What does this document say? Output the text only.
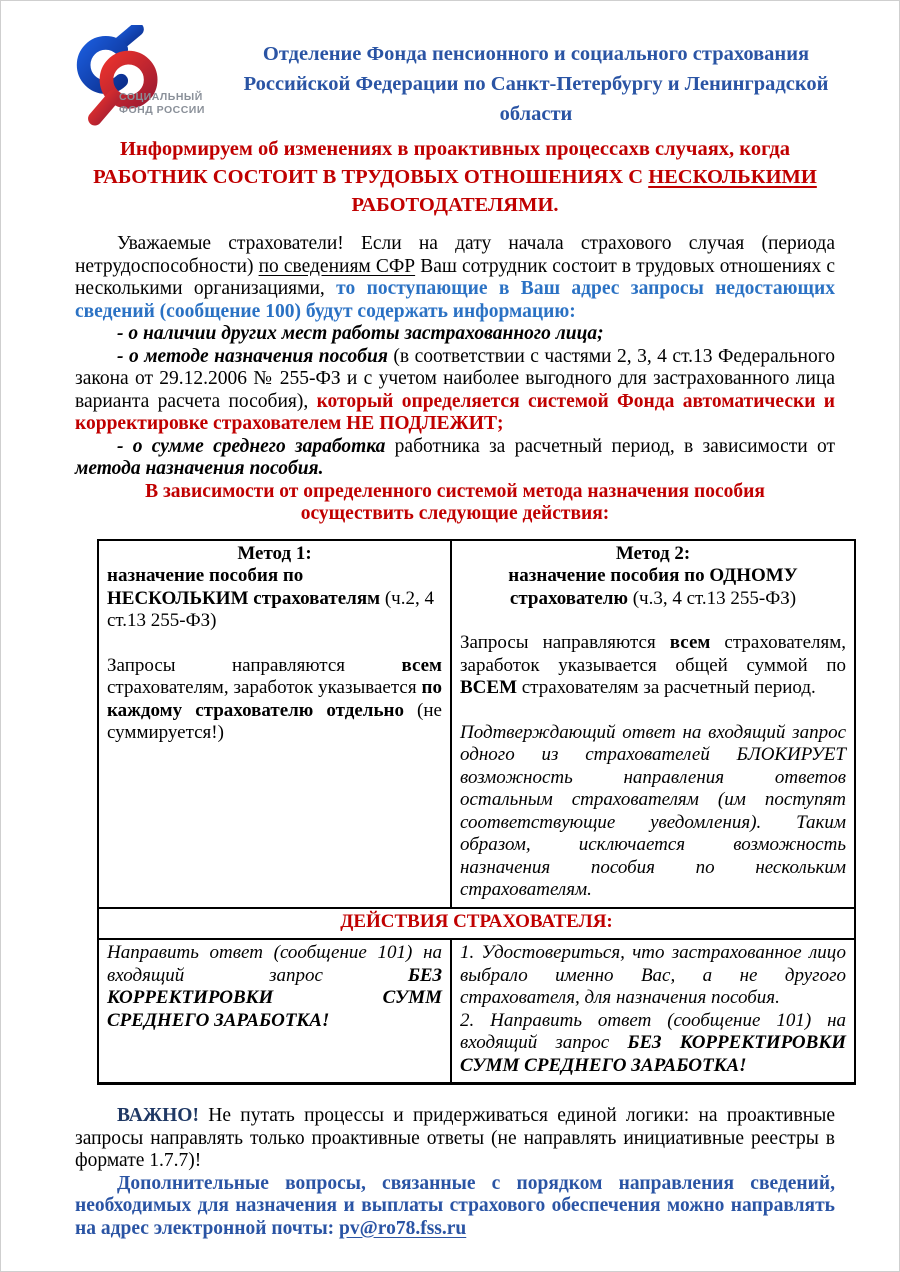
СОЦИАЛЬНЫЙ
ФОНД РОССИИ
Отделение Фонда пенсионного и социального страхования
Российской Федерации по Санкт-Петербургу и Ленинградской
области
Информируем об изменениях в проактивных процессахв случаях, когда
РАБОТНИК СОСТОИТ В ТРУДОВЫХ ОТНОШЕНИЯХ С НЕСКОЛЬКИМИ
РАБОТОДАТЕЛЯМИ.

Уважаемые страхователи! Если на дату начала страхового случая (периода нетрудоспособности) по сведениям СФР Ваш сотрудник состоит в трудовых отношениях с несколькими организациями, то поступающие в Ваш адрес запросы недостающих сведений (сообщение 100) будут содержать информацию:

- о наличии других мест работы застрахованного лица;

- о методе назначения пособия (в соответствии с частями 2, 3, 4 ст.13 Федерального закона от 29.12.2006 № 255-ФЗ и с учетом наиболее выгодного для застрахованного лица варианта расчета пособия), который определяется системой Фонда автоматически и корректировке страхователем НЕ ПОДЛЕЖИТ;

- о сумме среднего заработка работника за расчетный период, в зависимости от метода назначения пособия.

В зависимости от определенного системой метода назначения пособия
осуществить следующие действия:
Метод 1:
назначение пособия по НЕСКОЛЬКИМ страхователям (ч.2, 4 ст.13 255-ФЗ)
Запросы направляются всем страхователям, заработок указывается по каждому страхователю отдельно (не суммируется!)

Метод 2:
назначение пособия по ОДНОМУ страхователю (ч.3, 4 ст.13 255-ФЗ)
Запросы направляются всем страхователям, заработок указывается общей суммой по ВСЕМ страхователям за расчетный период.
Подтверждающий ответ на входящий запрос одного из страхователей БЛОКИРУЕТ возможность направления ответов остальным страхователям (им поступят соответствующие уведомления). Таким образом, исключается возможность назначения пособия по нескольким страхователям.

ДЕЙСТВИЯ СТРАХОВАТЕЛЯ:	
Направить ответ (сообщение 101) на входящий запрос БЕЗ КОРРЕКТИРОВКИ СУММ СРЕДНЕГО ЗАРАБОТКА!	1. Удостовериться, что застрахованное лицо выбрало именно Вас, а не другого страхователя, для назначения пособия.

2. Направить ответ (сообщение 101) на входящий запрос БЕЗ КОРРЕКТИРОВКИ СУММ СРЕДНЕГО ЗАРАБОТКА!

ВАЖНО! Не путать процессы и придерживаться единой логики: на проактивные запросы направлять только проактивные ответы (не направлять инициативные реестры в формате 1.7.7)!

Дополнительные вопросы, связанные с порядком направления сведений, необходимых для назначения и выплаты страхового обеспечения можно направлять на адрес электронной почты: pv@ro78.fss.ru
